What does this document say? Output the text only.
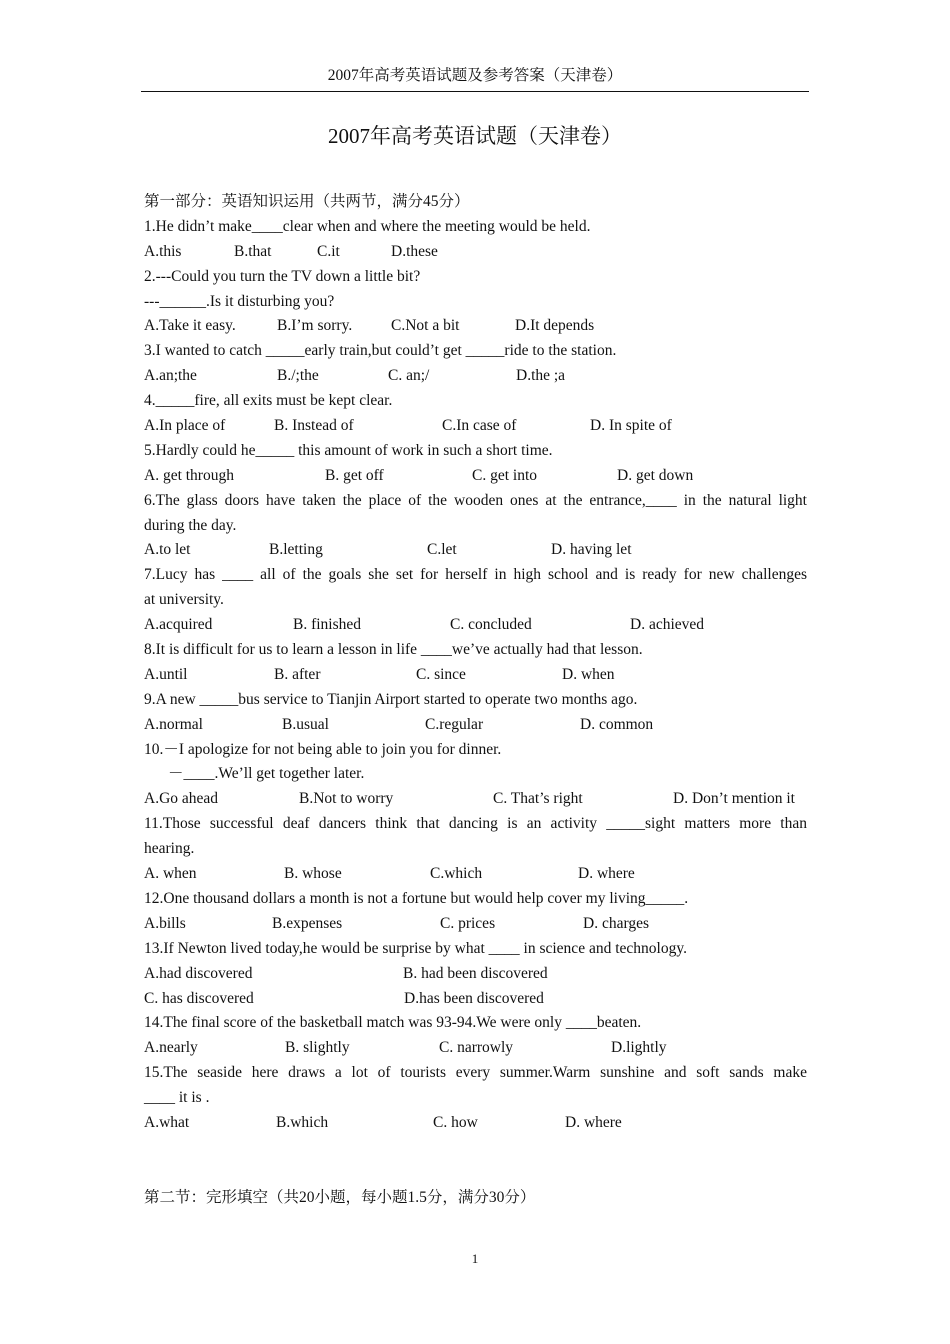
2007年高考英语试题及参考答案（天津卷）
2007年高考英语试题（天津卷）
第一部分：英语知识运用（共两节，满分45分）
1.He didn’t make____clear when and where the meeting would be held.
A.this	B.that	C.it	D.these
2.---Could you turn the TV down a little bit?
---______.Is it disturbing you?
A.Take it easy.	B.I’m sorry.	C.Not a bit	D.It depends
3.I wanted to catch _____early train,but could’t get _____ride to the station.
A.an;the	B./;the	C. an;/	D.the ;a
4._____fire, all exits must be kept clear.
A.In place of	B. Instead of	C.In case of	D. In spite of
5.Hardly could he_____ this amount of work in such a short time.
A. get through	B. get off	C. get into	D. get down
6.The glass doors have taken the place of the wooden ones at the entrance,____ in the natural light
during the day.
A.to let	B.letting	C.let	D. having let
7.Lucy has ____ all of the goals she set for herself in high school and is ready for new challenges
at university.
A.acquired	B. finished	C. concluded	D. achieved
8.It is difficult for us to learn a lesson in life ____we’ve actually had that lesson.
A.until	B. after	C. since	D. when
9.A new _____bus service to Tianjin Airport started to operate two months ago.
A.normal	B.usual	C.regular	D. common
10.－I apologize for not being able to join you for dinner.
－____.We’ll get together later.
A.Go ahead	B.Not to worry	C. That’s right	D. Don’t mention it
11.Those successful deaf dancers think that dancing is an activity _____sight matters more than
hearing.
A. when	B. whose	C.which	D. where
12.One thousand dollars a month is not a fortune but would help cover my living_____.
A.bills	B.expenses	C. prices	D. charges
13.If Newton lived today,he would be surprise by what ____ in science and technology.
A.had discovered	B. had been discovered
C. has discovered	D.has been discovered
14.The final score of the basketball match was 93-94.We were only ____beaten.
A.nearly	B. slightly	C. narrowly	D.lightly
15.The seaside here draws a lot of tourists every summer.Warm sunshine and soft sands make
____ it is .
A.what	B.which	C. how	D. where
第二节：完形填空（共20小题，每小题1.5分，满分30分）
1
